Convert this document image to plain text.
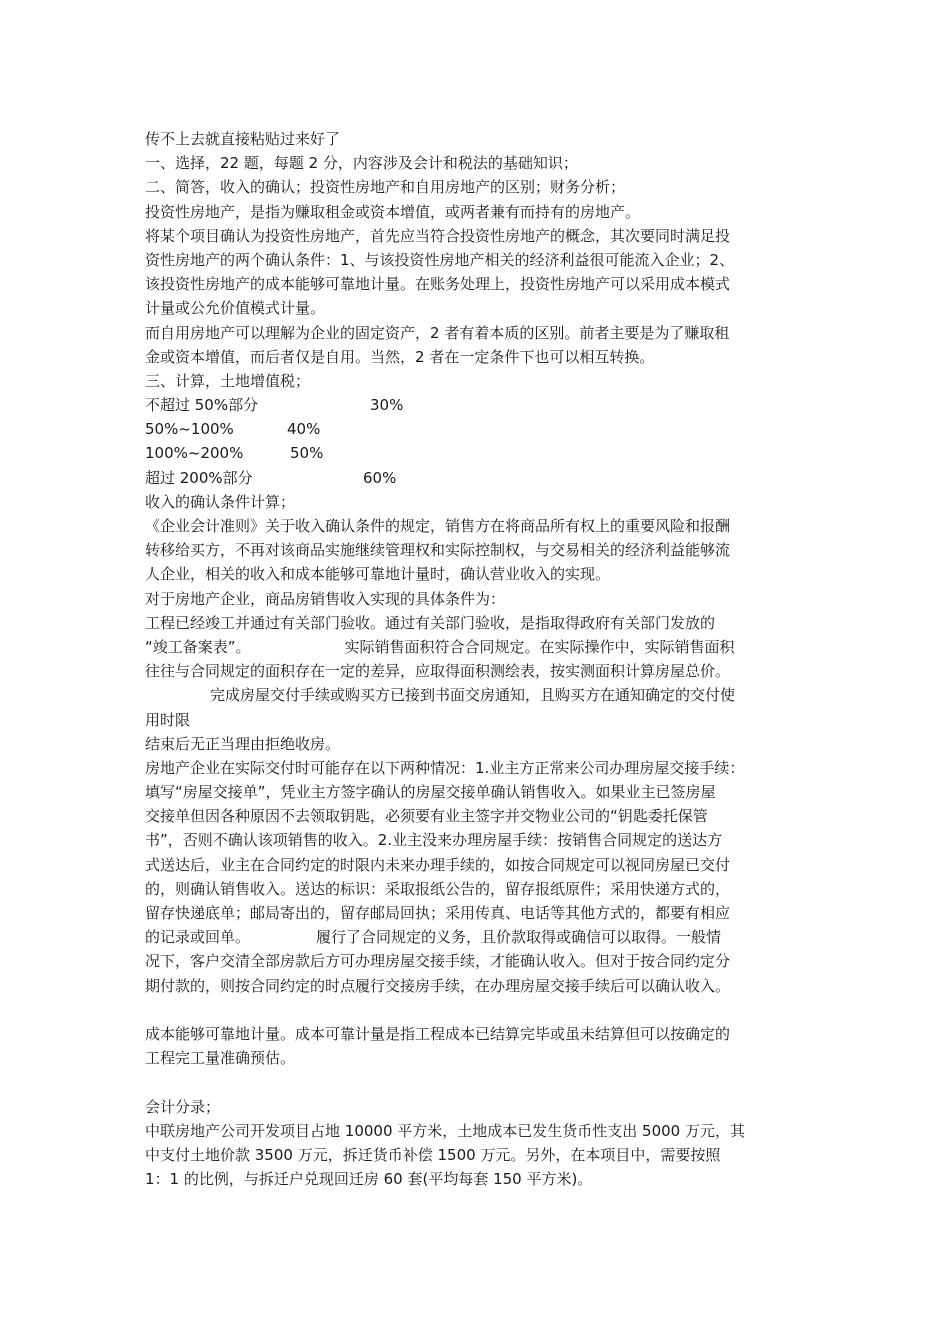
传不上去就直接粘贴过来好了

一、选择，22 题，每题 2 分，内容涉及会计和税法的基础知识；

二、简答，收入的确认；投资性房地产和自用房地产的区别；财务分析；

投资性房地产，是指为赚取租金或资本增值，或两者兼有而持有的房地产。

将某个项目确认为投资性房地产，首先应当符合投资性房地产的概念，其次要同时满足投

资性房地产的两个确认条件：1、与该投资性房地产相关的经济利益很可能流入企业；2、

该投资性房地产的成本能够可靠地计量。在账务处理上，投资性房地产可以采用成本模式

计量或公允价值模式计量。

而自用房地产可以理解为企业的固定资产，2 者有着本质的区别。前者主要是为了赚取租

金或资本增值，而后者仅是自用。当然，2 者在一定条件下也可以相互转换。

三、计算，土地增值税；

不超过 50%部分	30%

50%~100%	40%

100%~200%	50%

超过 200%部分	60%

收入的确认条件计算；

《企业会计准则》关于收入确认条件的规定，销售方在将商品所有权上的重要风险和报酬

转移给买方，不再对该商品实施继续管理权和实际控制权，与交易相关的经济利益能够流

人企业，相关的收入和成本能够可靠地计量时，确认营业收入的实现。

对于房地产企业，商品房销售收入实现的具体条件为：

工程已经竣工并通过有关部门验收。通过有关部门验收，是指取得政府有关部门发放的

“竣工备案表”。	实际销售面积符合合同规定。在实际操作中，实际销售面积

往往与合同规定的面积存在一定的差异，应取得面积测绘表，按实测面积计算房屋总价。

完成房屋交付手续或购买方已接到书面交房通知，且购买方在通知确定的交付使

用时限

结束后无正当理由拒绝收房。

房地产企业在实际交付时可能存在以下两种情况：1.业主方正常来公司办理房屋交接手续：

填写“房屋交接单”，凭业主方签字确认的房屋交接单确认销售收入。如果业主已签房屋

交接单但因各种原因不去领取钥匙，必须要有业主签字并交物业公司的“钥匙委托保管

书”，否则不确认该项销售的收入。2.业主没来办理房屋手续：按销售合同规定的送达方

式送达后，业主在合同约定的时限内未来办理手续的，如按合同规定可以视同房屋已交付

的，则确认销售收入。送达的标识：采取报纸公告的，留存报纸原件；采用快递方式的，

留存快递底单；邮局寄出的，留存邮局回执；采用传真、电话等其他方式的，都要有相应

的记录或回单。	履行了合同规定的义务，且价款取得或确信可以取得。一般情

况下，客户交清全部房款后方可办理房屋交接手续，才能确认收入。但对于按合同约定分

期付款的，则按合同约定的时点履行交接房手续，在办理房屋交接手续后可以确认收入。

成本能够可靠地计量。成本可靠计量是指工程成本已结算完毕或虽未结算但可以按确定的

工程完工量准确预估。

会计分录；

中联房地产公司开发项目占地 10000 平方米，土地成本已发生货币性支出 5000 万元，其

中支付土地价款 3500 万元，拆迁货币补偿 1500 万元。另外，在本项目中，需要按照

1：1 的比例，与拆迁户兑现回迁房 60 套(平均每套 150 平方米)。
